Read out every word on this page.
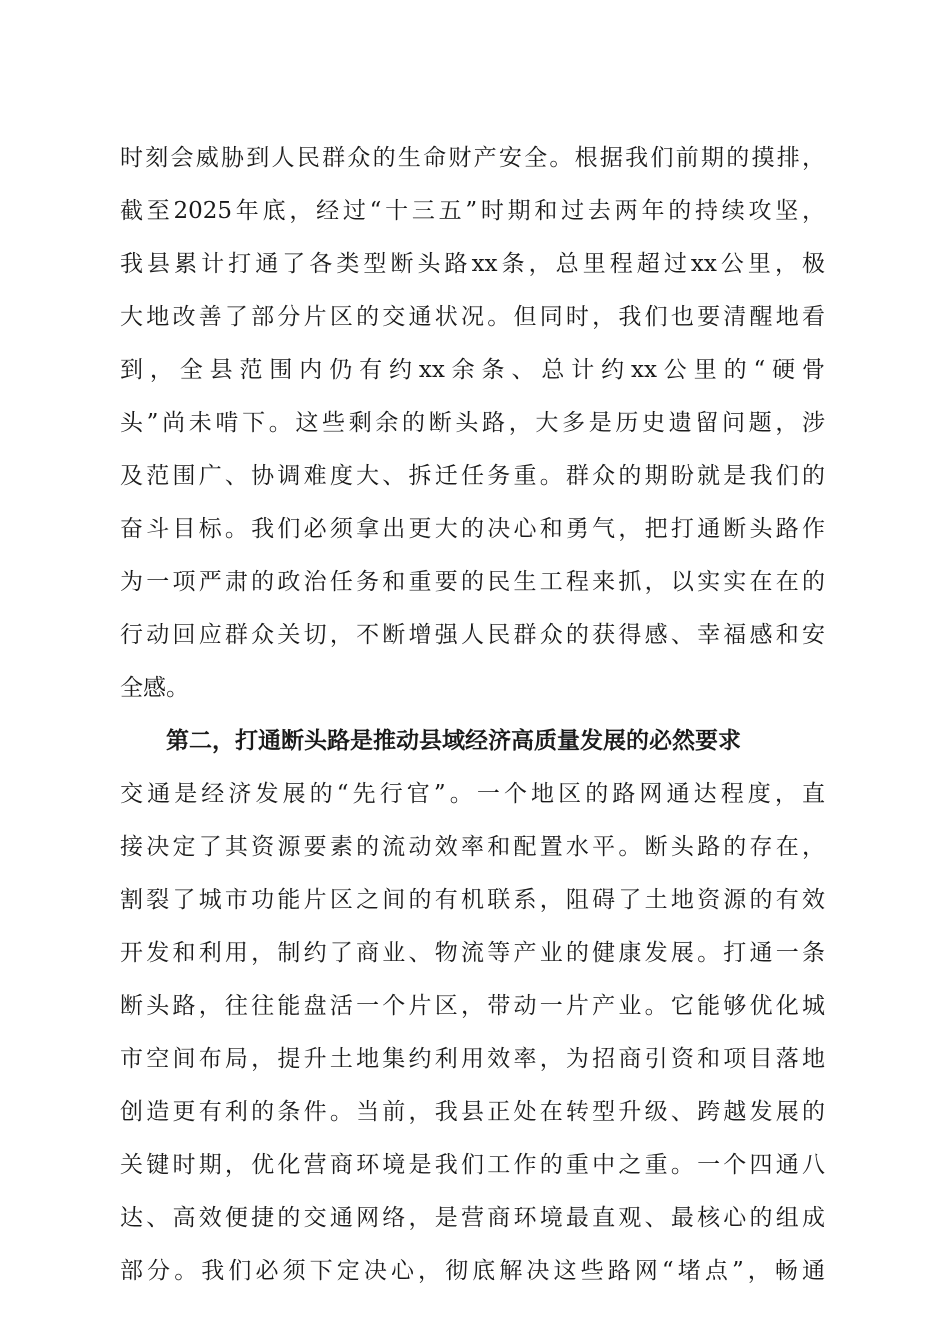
时刻会威胁到人民群众的生命财产安全。根据我们前期的摸排，
截至2025年底，经过“十三五”时期和过去两年的持续攻坚，
我县累计打通了各类型断头路xx条，总里程超过xx公里，极
大地改善了部分片区的交通状况。但同时，我们也要清醒地看
到，全县范围内仍有约xx余条、总计约xx公里的“硬骨
头”尚未啃下。这些剩余的断头路，大多是历史遗留问题，涉
及范围广、协调难度大、拆迁任务重。群众的期盼就是我们的
奋斗目标。我们必须拿出更大的决心和勇气，把打通断头路作
为一项严肃的政治任务和重要的民生工程来抓，以实实在在的
行动回应群众关切，不断增强人民群众的获得感、幸福感和安
全感。
第二，打通断头路是推动县域经济高质量发展的必然要求
交通是经济发展的“先行官”。一个地区的路网通达程度，直
接决定了其资源要素的流动效率和配置水平。断头路的存在，
割裂了城市功能片区之间的有机联系，阻碍了土地资源的有效
开发和利用，制约了商业、物流等产业的健康发展。打通一条
断头路，往往能盘活一个片区，带动一片产业。它能够优化城
市空间布局，提升土地集约利用效率，为招商引资和项目落地
创造更有利的条件。当前，我县正处在转型升级、跨越发展的
关键时期，优化营商环境是我们工作的重中之重。一个四通八
达、高效便捷的交通网络，是营商环境最直观、最核心的组成
部分。我们必须下定决心，彻底解决这些路网“堵点”，畅通
